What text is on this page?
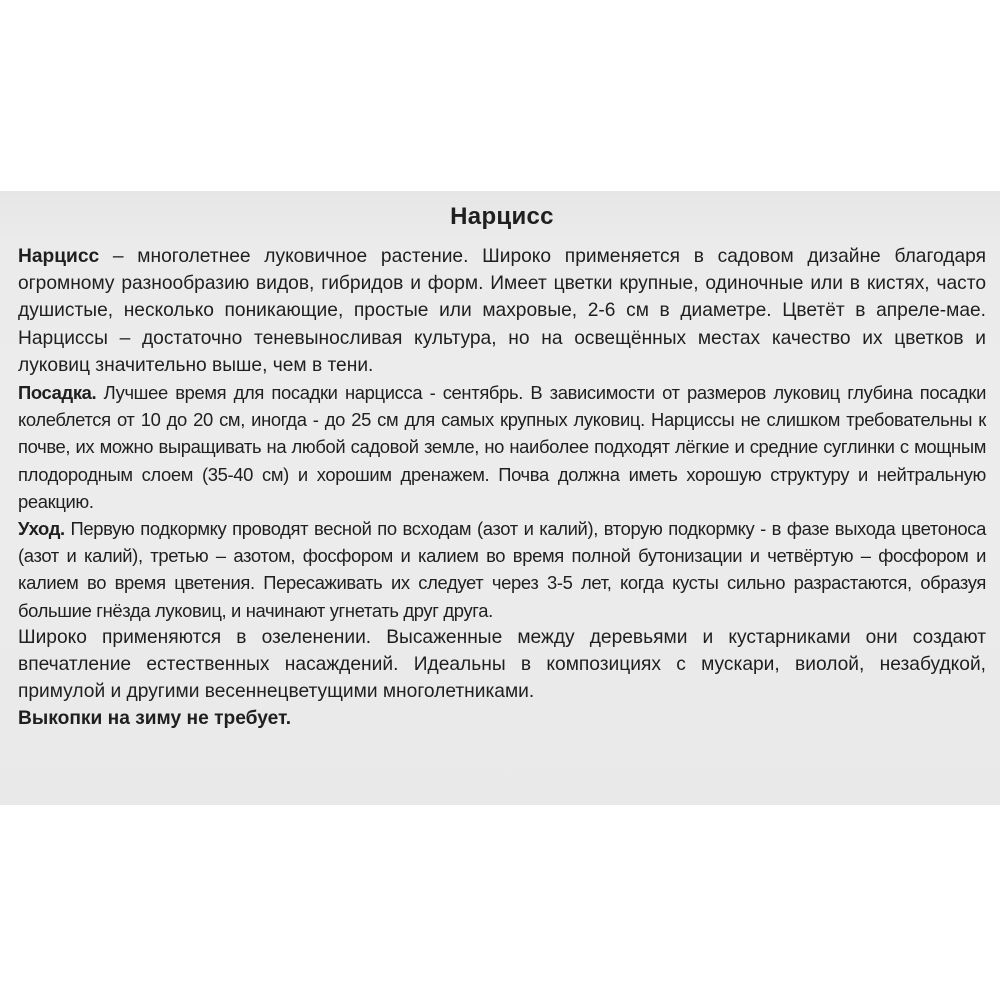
Нарцисс

Нарцисс – многолетнее луковичное растение. Широко применяется в садовом дизайне благодаря огромному разнообразию видов, гибридов и форм. Имеет цветки крупные, одиночные или в кистях, часто душистые, несколько поникающие, простые или махровые, 2-6 см в диаметре. Цветёт в апреле-мае. Нарциссы – достаточно теневыносливая культура, но на освещённых местах качество их цветков и луковиц значительно выше, чем в тени.

Посадка. Лучшее время для посадки нарцисса - сентябрь. В зависимости от размеров луковиц глубина посадки колеблется от 10 до 20 см, иногда - до 25 см для самых крупных луковиц. Нарциссы не слишком требовательны к почве, их можно выращивать на любой садовой земле, но наиболее подходят лёгкие и средние суглинки с мощным плодородным слоем (35-40 см) и хорошим дренажем. Почва должна иметь хорошую структуру и нейтральную реакцию.

Уход. Первую подкормку проводят весной по всходам (азот и калий), вторую подкормку - в фазе выхода цветоноса (азот и калий), третью – азотом, фосфором и калием во время полной бутонизации и четвёртую – фосфором и калием во время цветения. Пересаживать их следует через 3-5 лет, когда кусты сильно разрастаются, образуя большие гнёзда луковиц, и начинают угнетать друг друга.

Широко применяются в озеленении. Высаженные между деревьями и кустарниками они создают впечатление естественных насаждений. Идеальны в композициях с мускари, виолой, незабудкой, примулой и другими весеннецветущими многолетниками.

Выкопки на зиму не требует.
